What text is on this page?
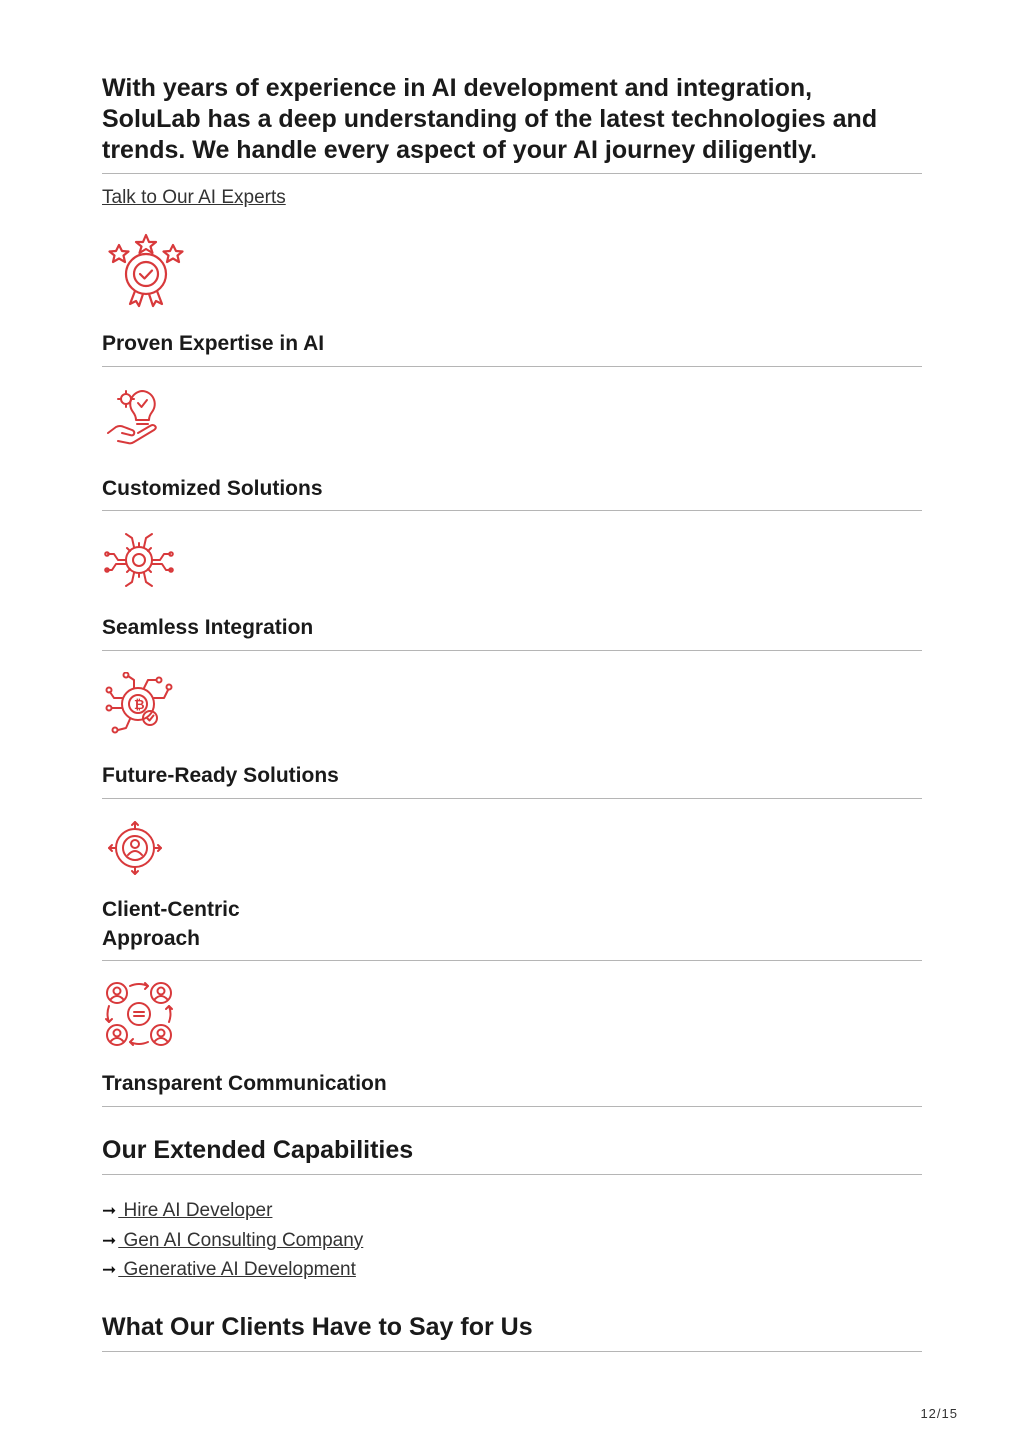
With years of experience in AI development and integration,
SoluLab has a deep understanding of the latest technologies and
trends. We handle every aspect of your AI journey diligently.
Talk to Our AI Experts
Proven Expertise in AI
Customized Solutions
Seamless Integration
₿
Future-Ready Solutions
Client-Centric
Approach
Transparent Communication
Our Extended Capabilities
➞ Hire AI Developer
➞ Gen AI Consulting Company
➞ Generative AI Development
What Our Clients Have to Say for Us
12/15
